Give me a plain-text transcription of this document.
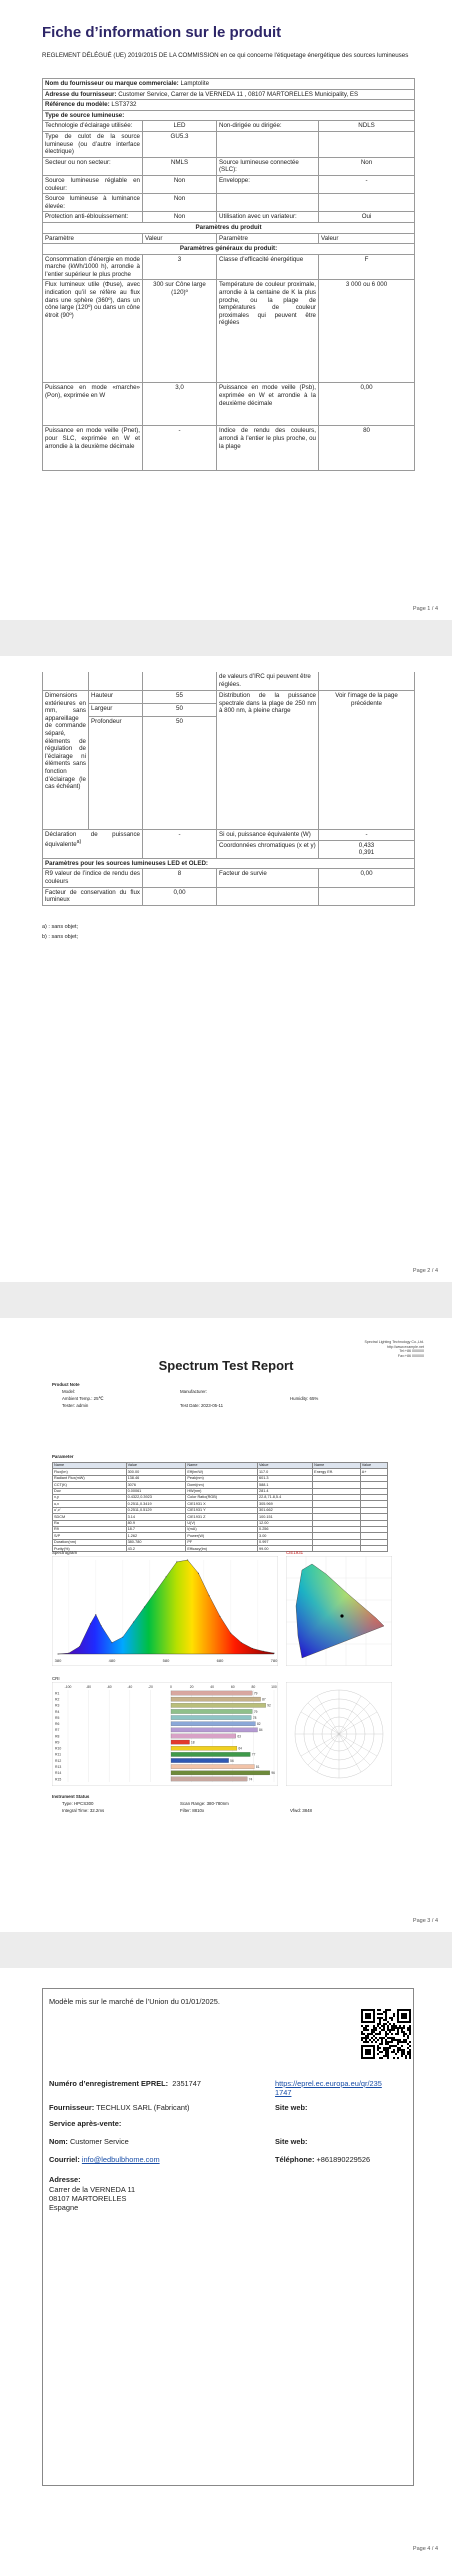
Fiche d’information sur le produit
REGLEMENT DÉLÉGUÉ (UE) 2019/2015 DE LA COMMISSION en ce qui concerne l'étiquetage énergétique des sources lumineuses
Nom du fournisseur ou marque commerciale: Lamptolite			
Adresse du fournisseur: Customer Service, Carrer de la VERNEDA 11 , 08107 MARTORELLES Municipality, ES			
Référence du modèle: LST3732			
Type de source lumineuse:			
Technologie d’éclairage utilisée:	LED	Non-dirigée ou dirigée:	NDLS
Type de culot de la source lumineuse (ou d’autre interface électrique)	GU5.3		
Secteur ou non secteur:	NMLS	Source lumineuse connectée (SLC):	Non
Source lumineuse réglable en couleur:	Non	Enveloppe:	-
Source lumineuse à luminance élevée:	Non		
Protection anti-éblouissement:	Non	Utilisation avec un variateur:	Oui
Paramètres du produit			
Paramètre	Valeur	Paramètre	Valeur
Paramètres généraux du produit:			
Consommation d’énergie en mode marche (kWh/1000 h), arrondie à l’entier supérieur le plus proche	3	Classe d’efficacité énergétique	F
Flux lumineux utile (Φuse), avec indication qu’il se réfère au flux dans une sphère (360º), dans un cône large (120º) ou dans un cône étroit (90º)	300 sur Cône large (120)º	Température de couleur proximale, arrondie à la centaine de K la plus proche, ou la plage de températures de couleur proximales qui peuvent être réglées	3 000 ou 6 000
Puissance en mode «marche» (Pon), exprimée en W	3,0	Puissance en mode veille (Psb), exprimée en W et arrondie à la deuxième décimale	0,00
Puissance en mode veille (Pnet), pour SLC, exprimée en W et arrondie à la deuxième décimale	-	Indice de rendu des couleurs, arrondi à l’entier le plus proche, ou la plage	80
Page 1 / 4
			de valeurs d’IRC qui peuvent être réglées.	
Dimensions extérieures en mm, sans appareillage de commande séparé, éléments de régulation de l’éclairage ni éléments sans fonction d’éclairage (le cas échéant)	Hauteur	55	Distribution de la puissance spectrale dans la plage de 250 nm à 800 nm, à pleine charge	Voir l’image de la page précédente
	Largeur	50		
	Profondeur	50		
Déclaration de puissance équivalente$^{a)}$		-	Si oui, puissance équivalente (W)	-
			Coordonnées chromatiques (x et y)	0,433
0,391

Paramètres pour les sources lumineuses LED et OLED:				
R9 valeur de l’indice de rendu des couleurs		8	Facteur de survie	0,00
Facteur de conservation du flux lumineux		0,00		
a) : sans objet;
b) : sans objet;
Page 2 / 4
Spectral Lighting Technology Co.,Ltd.
http://www.example.net
Tel:+86 000000
Fax:+86 000000
Spectrum Test Report
Product Note
Model:	Manufacturer:
Ambient Temp.: 25℃	Humidity: 65%
Tester: admin	Test Date: 2023-05-11
Parameter
Name	Value	Name	Value	Name	Value
Flux(lm)	300.00	Eff(lm/W)	117.0	Energy Eff.	A+
Radiant Flux(mW)	138.46	Peak(nm)	601.3		
CCT(K)	3076	Domi(nm)	588.1		
Duv	0.00061	HW(nm)	281.4		
x,y	0.4322,0.3923	Color Ratio(RGB)	22.8,71.8,5.4		
u,v	0.2511,0.3419	CIE1931 X	305.969		
u',v'	0.2511,0.5129	CIE1931 Y	301.662		
SDCM	3.14	CIE1931 Z	100.151		
Ra	80.9	U(V)	12.00		
R9	18.7	I(mA)	0.256		
S/P	1.262	Power(W)	3.00		
Duration(nm)	380-780	PF	0.997		
Purity(%)	43.2	Efficacy(lm)	99.00		
Spectrogram
380	480	580	680	780
CIE1931
CRI
-100	-80	-60	-40	-20	0	20	40	60	80	100
R1	79
R2	87
R3	92
R4	79
R5	78
R6	82
R7	84
R8	63
R9	18
R10	64
R11	77
R12	56
R13	81
R14	96
R15	74
Instrument Status
Type: HPCS300	Scan Range: 380-780nm
Integral Time: 32.2ms	Filter: 8810x	Vfwd: 3848
Page 3 / 4
Modèle mis sur le marché de l’Union du 01/01/2025.
Numéro d’enregistrement EPREL: 2351747	https://eprel.ec.europa.eu/qr/2351747
Fournisseur: TECHLUX SARL (Fabricant)	Site web:
Service après-vente:
Nom: Customer Service	Site web:
Courriel: info@ledbulbhome.com	Téléphone: +861890229526
Adresse:
Carrer de la VERNEDA 11
08107 MARTORELLES
Espagne
Page 4 / 4
